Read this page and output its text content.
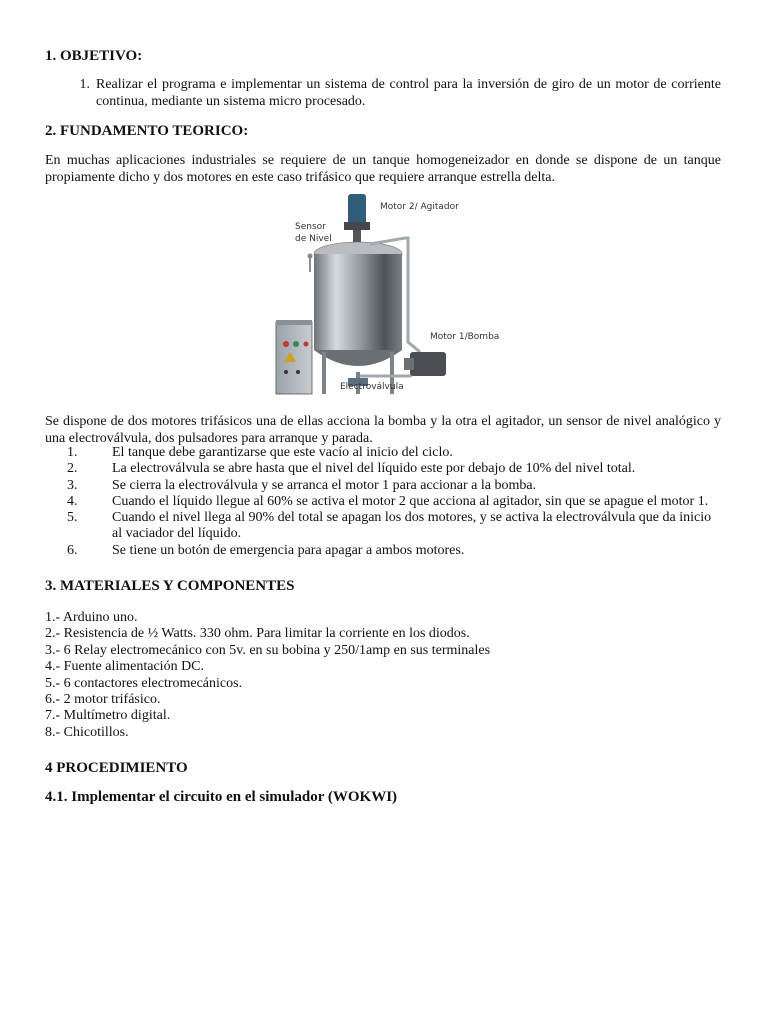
1. OBJETIVO:
1. Realizar el programa e implementar un sistema de control para la inversión de giro de un motor de corriente continua, mediante un sistema micro procesado.
2. FUNDAMENTO TEORICO:

En muchas aplicaciones industriales se requiere de un tanque homogeneizador en donde se dispone de un tanque propiamente dicho y dos motores en este caso trifásico que requiere arranque estrella delta.

Motor 2/ Agitador
Sensor
de Nivel
Motor 1/Bomba
Electroválvula

Se dispone de dos motores trifásicos una de ellas acciona la bomba y la otra el agitador, un sensor de nivel analógico y una electroválvula, dos pulsadores para arranque y parada.

1.	El tanque debe garantizarse que este vacío al inicio del ciclo.
2.	La electroválvula se abre hasta que el nivel del líquido este por debajo de 10% del nivel total.
3.	Se cierra la electroválvula y se arranca el motor 1 para accionar a la bomba.
4.	Cuando el líquido llegue al 60% se activa el motor 2 que acciona al agitador, sin que se apague el motor 1.
5.	Cuando el nivel llega al 90% del total se apagan los dos motores, y se activa la electroválvula que da inicio al vaciador del líquido.
6.	Se tiene un botón de emergencia para apagar a ambos motores.
3. MATERIALES Y COMPONENTES
1.- Arduino uno.
2.- Resistencia de ½ Watts. 330 ohm. Para limitar la corriente en los diodos.
3.- 6 Relay electromecánico con 5v. en su bobina y 250/1amp en sus terminales
4.- Fuente alimentación DC.
5.- 6 contactores electromecánicos.
6.- 2 motor trifásico.
7.- Multímetro digital.
8.- Chicotillos.
4 PROCEDIMIENTO
4.1. Implementar el circuito en el simulador (WOKWI)
